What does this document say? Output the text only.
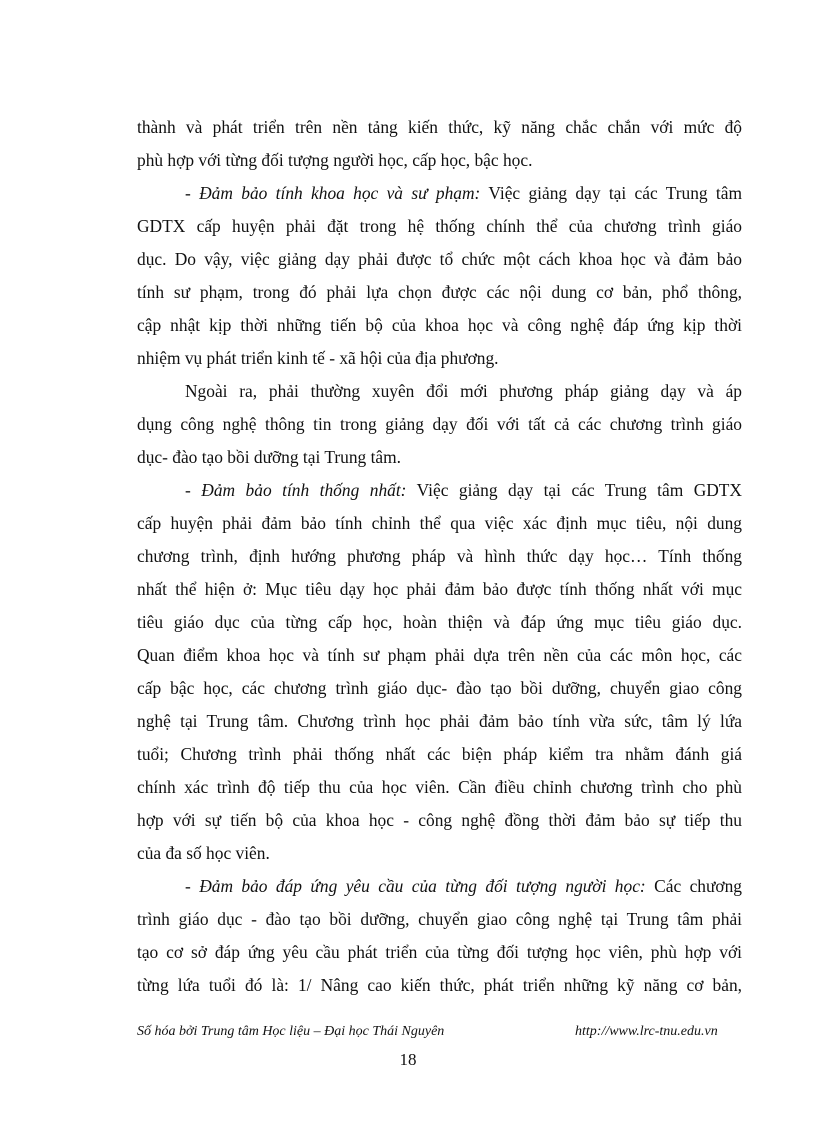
thành và phát triển trên nền tảng kiến thức, kỹ năng chắc chắn với mức độ
phù hợp với từng đối tượng người học, cấp học, bậc học.
- Đảm bảo tính khoa học và sư phạm: Việc giảng dạy tại các Trung tâm
GDTX cấp huyện phải đặt trong hệ thống chính thể của chương trình giáo
dục. Do vậy, việc giảng dạy phải được tổ chức một cách khoa học và đảm bảo
tính sư phạm, trong đó phải lựa chọn được các nội dung cơ bản, phổ thông,
cập nhật kịp thời những tiến bộ của khoa học và công nghệ đáp ứng kịp thời
nhiệm vụ phát triển kinh tế - xã hội của địa phương.
Ngoài ra, phải thường xuyên đổi mới phương pháp giảng dạy và áp
dụng công nghệ thông tin trong giảng dạy đối với tất cả các chương trình giáo
dục- đào tạo bồi dưỡng tại Trung tâm.
- Đảm bảo tính thống nhất: Việc giảng dạy tại các Trung tâm GDTX
cấp huyện phải đảm bảo tính chỉnh thể qua việc xác định mục tiêu, nội dung
chương trình, định hướng phương pháp và hình thức dạy học… Tính thống
nhất thể hiện ở: Mục tiêu dạy học phải đảm bảo được tính thống nhất với mục
tiêu giáo dục của từng cấp học, hoàn thiện và đáp ứng mục tiêu giáo dục.
Quan điểm khoa học và tính sư phạm phải dựa trên nền của các môn học, các
cấp bậc học, các chương trình giáo dục- đào tạo bồi dưỡng, chuyển giao công
nghệ tại Trung tâm. Chương trình học phải đảm bảo tính vừa sức, tâm lý lứa
tuổi; Chương trình phải thống nhất các biện pháp kiểm tra nhằm đánh giá
chính xác trình độ tiếp thu của học viên. Cần điều chỉnh chương trình cho phù
hợp với sự tiến bộ của khoa học - công nghệ đồng thời đảm bảo sự tiếp thu
của đa số học viên.
- Đảm bảo đáp ứng yêu cầu của từng đối tượng người học: Các chương
trình giáo dục - đào tạo bồi dưỡng, chuyển giao công nghệ tại Trung tâm phải
tạo cơ sở đáp ứng yêu cầu phát triển của từng đối tượng học viên, phù hợp với
từng lứa tuổi đó là: 1/ Nâng cao kiến thức, phát triển những kỹ năng cơ bản,
Số hóa bởi Trung tâm Học liệu – Đại học Thái Nguyên	http://www.lrc-tnu.edu.vn
18
